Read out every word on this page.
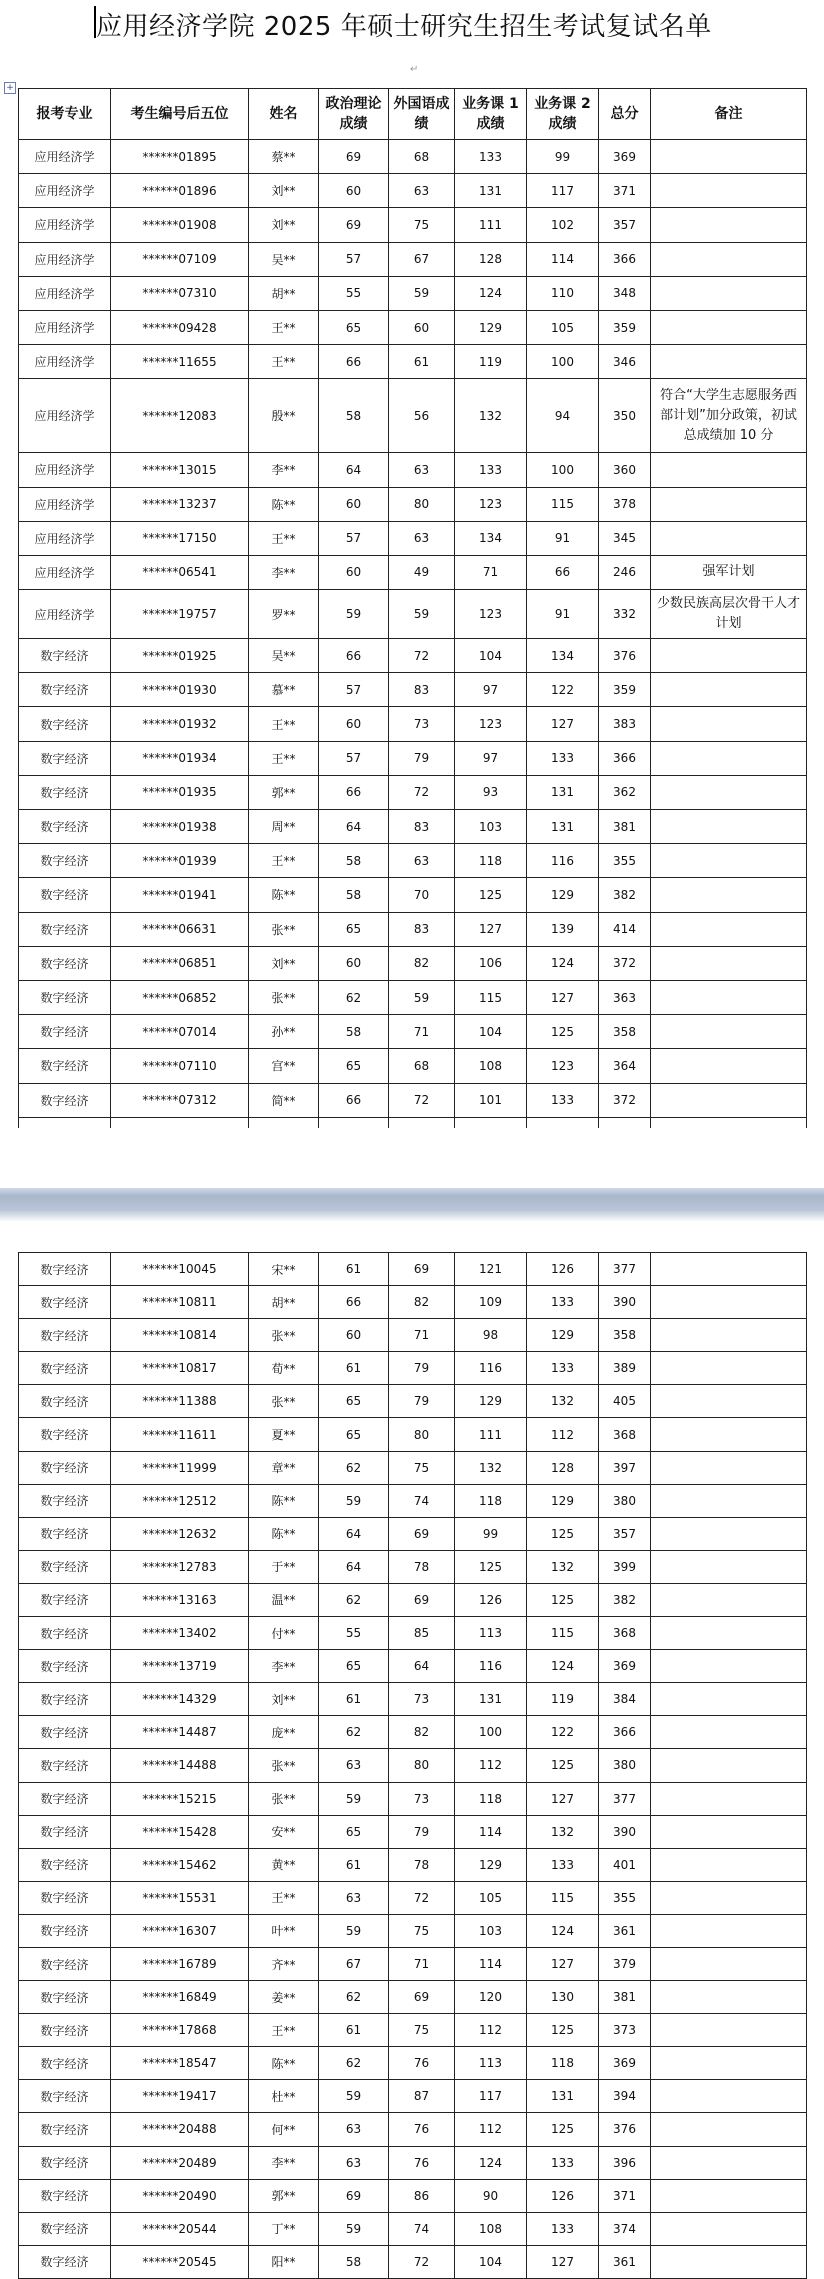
应用经济学院 2025 年硕士研究生招生考试复试名单
+
↵
报考专业	考生编号后五位	姓名	政治理论成绩	外国语成绩	业务课 1 成绩	业务课 2 成绩	总分	备注
应用经济学	******01895	蔡**	69	68	133	99	369	
应用经济学	******01896	刘**	60	63	131	117	371	
应用经济学	******01908	刘**	69	75	111	102	357	
应用经济学	******07109	吴**	57	67	128	114	366	
应用经济学	******07310	胡**	55	59	124	110	348	
应用经济学	******09428	王**	65	60	129	105	359	
应用经济学	******11655	王**	66	61	119	100	346	
应用经济学	******12083	殷**	58	56	132	94	350	符合“大学生志愿服务西部计划”加分政策，初试总成绩加 10 分
应用经济学	******13015	李**	64	63	133	100	360	
应用经济学	******13237	陈**	60	80	123	115	378	
应用经济学	******17150	王**	57	63	134	91	345	
应用经济学	******06541	李**	60	49	71	66	246	强军计划
应用经济学	******19757	罗**	59	59	123	91	332	少数民族高层次骨干人才计划
数字经济	******01925	吴**	66	72	104	134	376	
数字经济	******01930	慕**	57	83	97	122	359	
数字经济	******01932	王**	60	73	123	127	383	
数字经济	******01934	王**	57	79	97	133	366	
数字经济	******01935	郭**	66	72	93	131	362	
数字经济	******01938	周**	64	83	103	131	381	
数字经济	******01939	王**	58	63	118	116	355	
数字经济	******01941	陈**	58	70	125	129	382	
数字经济	******06631	张**	65	83	127	139	414	
数字经济	******06851	刘**	60	82	106	124	372	
数字经济	******06852	张**	62	59	115	127	363	
数字经济	******07014	孙**	58	71	104	125	358	
数字经济	******07110	宫**	65	68	108	123	364	
数字经济	******07312	简**	66	72	101	133	372	

数字经济	******10045	宋**	61	69	121	126	377	
数字经济	******10811	胡**	66	82	109	133	390	
数字经济	******10814	张**	60	71	98	129	358	
数字经济	******10817	荀**	61	79	116	133	389	
数字经济	******11388	张**	65	79	129	132	405	
数字经济	******11611	夏**	65	80	111	112	368	
数字经济	******11999	章**	62	75	132	128	397	
数字经济	******12512	陈**	59	74	118	129	380	
数字经济	******12632	陈**	64	69	99	125	357	
数字经济	******12783	于**	64	78	125	132	399	
数字经济	******13163	温**	62	69	126	125	382	
数字经济	******13402	付**	55	85	113	115	368	
数字经济	******13719	李**	65	64	116	124	369	
数字经济	******14329	刘**	61	73	131	119	384	
数字经济	******14487	庞**	62	82	100	122	366	
数字经济	******14488	张**	63	80	112	125	380	
数字经济	******15215	张**	59	73	118	127	377	
数字经济	******15428	安**	65	79	114	132	390	
数字经济	******15462	黄**	61	78	129	133	401	
数字经济	******15531	王**	63	72	105	115	355	
数字经济	******16307	叶**	59	75	103	124	361	
数字经济	******16789	齐**	67	71	114	127	379	
数字经济	******16849	姜**	62	69	120	130	381	
数字经济	******17868	王**	61	75	112	125	373	
数字经济	******18547	陈**	62	76	113	118	369	
数字经济	******19417	杜**	59	87	117	131	394	
数字经济	******20488	何**	63	76	112	125	376	
数字经济	******20489	李**	63	76	124	133	396	
数字经济	******20490	郭**	69	86	90	126	371	
数字经济	******20544	丁**	59	74	108	133	374	
数字经济	******20545	阳**	58	72	104	127	361	
